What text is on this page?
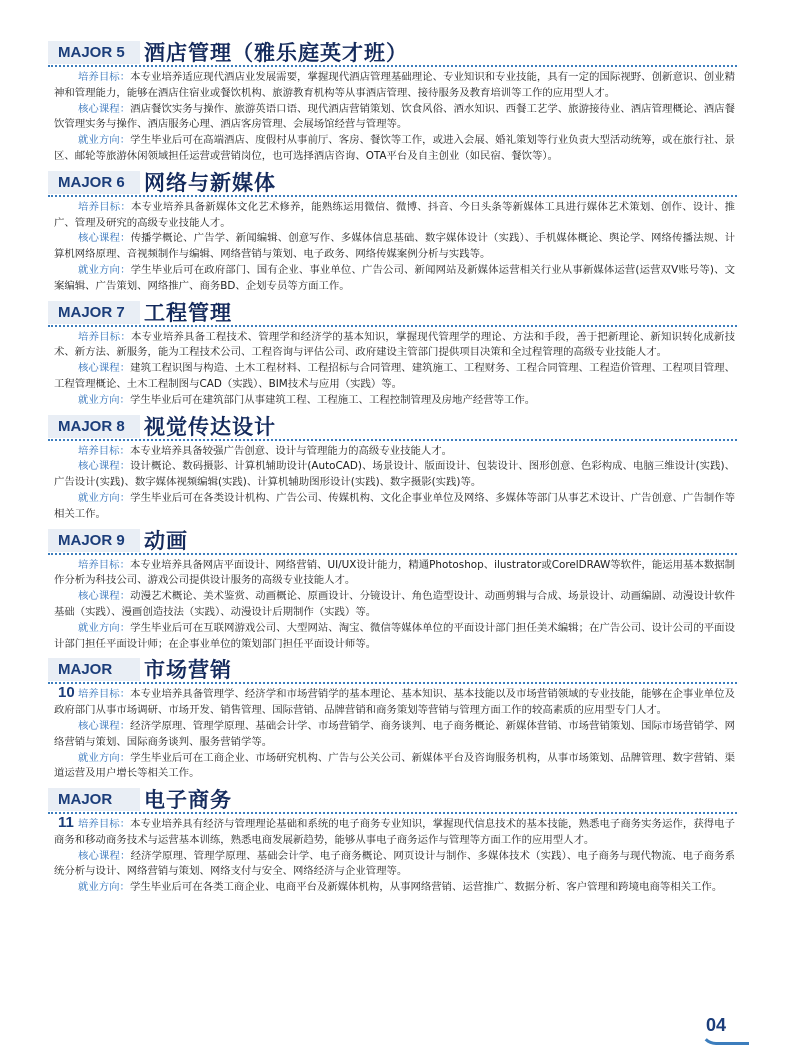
MAJOR 5 酒店管理（雅乐庭英才班）

培养目标：本专业培养适应现代酒店业发展需要，掌握现代酒店管理基础理论、专业知识和专业技能，具有一定的国际视野、创新意识、创业精神和管理能力，能够在酒店住宿业或餐饮机构、旅游教育机构等从事酒店管理、接待服务及教育培训等工作的应用型人才。

核心课程：酒店餐饮实务与操作、旅游英语口语、现代酒店营销策划、饮食风俗、酒水知识、西餐工艺学、旅游接待业、酒店管理概论、酒店餐饮管理实务与操作、酒店服务心理、酒店客房管理、会展场馆经营与管理等。

就业方向：学生毕业后可在高端酒店、度假村从事前厅、客房、餐饮等工作，或进入会展、婚礼策划等行业负责大型活动统筹，或在旅行社、景区、邮轮等旅游休闲领域担任运营或营销岗位，也可选择酒店咨询、OTA平台及自主创业（如民宿、餐饮等）。

MAJOR 6 网络与新媒体

培养目标：本专业培养具备新媒体文化艺术修养，能熟练运用微信、微博、抖音、今日头条等新媒体工具进行媒体艺术策划、创作、设计、推广、管理及研究的高级专业技能人才。

核心课程：传播学概论、广告学、新闻编辑、创意写作、多媒体信息基础、数字媒体设计（实践）、手机媒体概论、舆论学、网络传播法规、计算机网络原理、音视频制作与编辑、网络营销与策划、电子政务、网络传媒案例分析与实践等。

就业方向：学生毕业后可在政府部门、国有企业、事业单位、广告公司、新闻网站及新媒体运营相关行业从事新媒体运营(运营双V账号等)、文案编辑、广告策划、网络推广、商务BD、企划专员等方面工作。

MAJOR 7 工程管理

培养目标：本专业培养具备工程技术、管理学和经济学的基本知识，掌握现代管理学的理论、方法和手段，善于把新理论、新知识转化成新技术、新方法、新服务，能为工程技术公司、工程咨询与评估公司、政府建设主管部门提供项目决策和全过程管理的高级专业技能人才。

核心课程：建筑工程识图与构造、土木工程材料、工程招标与合同管理、建筑施工、工程财务、工程合同管理、工程造价管理、工程项目管理、工程管理概论、土木工程制图与CAD（实践）、BIM技术与应用（实践）等。

就业方向：学生毕业后可在建筑部门从事建筑工程、工程施工、工程控制管理及房地产经营等工作。

MAJOR 8 视觉传达设计

培养目标：本专业培养具备较强广告创意、设计与管理能力的高级专业技能人才。

核心课程：设计概论、数码摄影、计算机辅助设计(AutoCAD)、场景设计、版面设计、包装设计、图形创意、色彩构成、电脑三维设计(实践)、广告设计(实践)、数字媒体视频编辑(实践)、计算机辅助图形设计(实践)、数字摄影(实践)等。

就业方向：学生毕业后可在各类设计机构、广告公司、传媒机构、文化企事业单位及网络、多媒体等部门从事艺术设计、广告创意、广告制作等相关工作。

MAJOR 9 动画

培养目标：本专业培养具备网店平面设计、网络营销、UI/UX设计能力，精通Photoshop、ilustrator或CorelDRAW等软件，能运用基本数据制作分析为科技公司、游戏公司提供设计服务的高级专业技能人才。

核心课程：动漫艺术概论、美术鉴赏、动画概论、原画设计、分镜设计、角色造型设计、动画剪辑与合成、场景设计、动画编剧、动漫设计软件基础（实践）、漫画创造技法（实践）、动漫设计后期制作（实践）等。

就业方向：学生毕业后可在互联网游戏公司、大型网站、淘宝、微信等媒体单位的平面设计部门担任美术编辑；在广告公司、设计公司的平面设计部门担任平面设计师；在企事业单位的策划部门担任平面设计师等。

MAJOR 10
市场营销

培养目标：本专业培养具备管理学、经济学和市场营销学的基本理论、基本知识、基本技能以及市场营销领域的专业技能，能够在企事业单位及政府部门从事市场调研、市场开发、销售管理、国际营销、品牌营销和商务策划等营销与管理方面工作的较高素质的应用型专门人才。

核心课程：经济学原理、管理学原理、基础会计学、市场营销学、商务谈判、电子商务概论、新媒体营销、市场营销策划、国际市场营销学、网络营销与策划、国际商务谈判、服务营销学等。

就业方向：学生毕业后可在工商企业、市场研究机构、广告与公关公司、新媒体平台及咨询服务机构，从事市场策划、品牌管理、数字营销、渠道运营及用户增长等相关工作。

MAJOR 11
电子商务

培养目标：本专业培养具有经济与管理理论基础和系统的电子商务专业知识，掌握现代信息技术的基本技能，熟悉电子商务实务运作，获得电子商务和移动商务技术与运营基本训练，熟悉电商发展新趋势，能够从事电子商务运作与管理等方面工作的应用型人才。

核心课程：经济学原理、管理学原理、基础会计学、电子商务概论、网页设计与制作、多媒体技术（实践）、电子商务与现代物流、电子商务系统分析与设计、网络营销与策划、网络支付与安全、网络经济与企业管理等。

就业方向：学生毕业后可在各类工商企业、电商平台及新媒体机构，从事网络营销、运营推广、数据分析、客户管理和跨境电商等相关工作。

04
